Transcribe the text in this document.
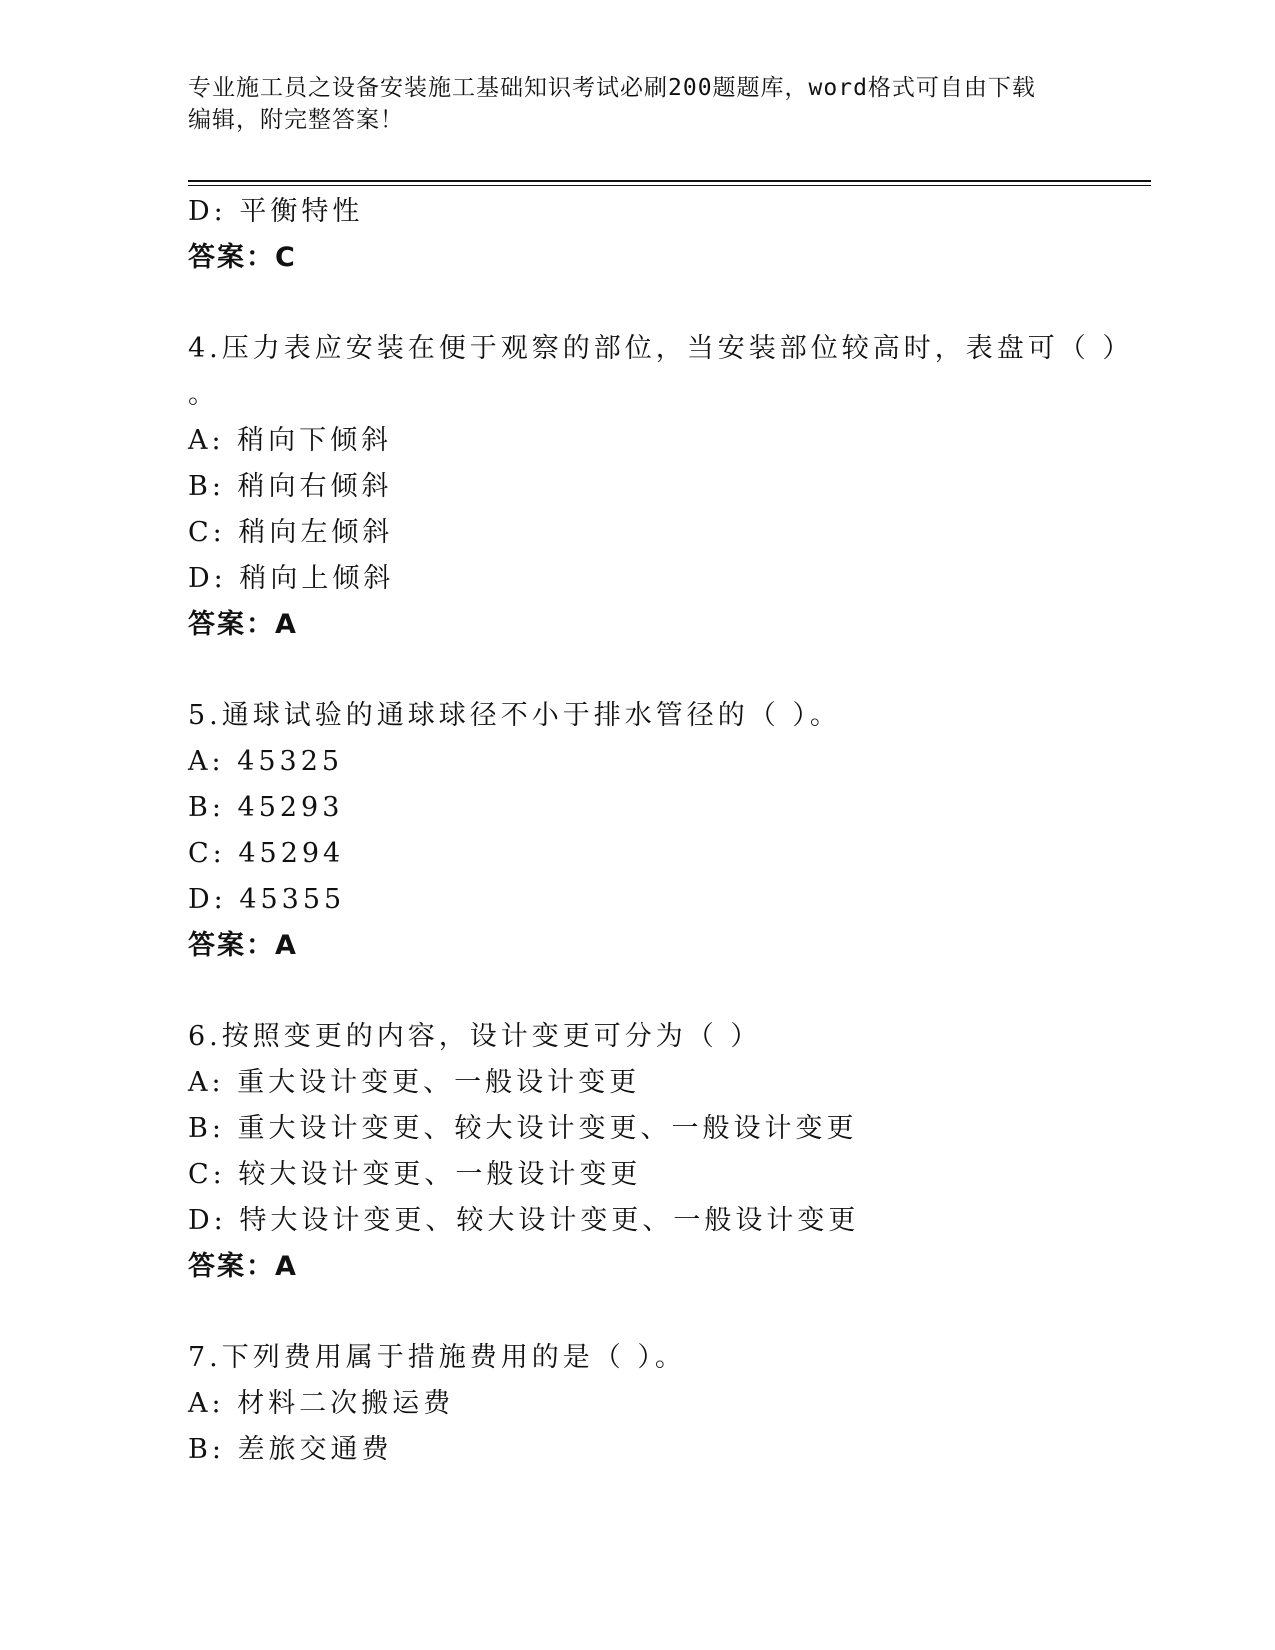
专业施工员之设备安装施工基础知识考试必刷200题题库，word格式可自由下载
编辑，附完整答案！
D: 平衡特性
答案：C
4.压力表应安装在便于观察的部位，当安装部位较高时，表盘可（ ）
。
A: 稍向下倾斜
B: 稍向右倾斜
C: 稍向左倾斜
D: 稍向上倾斜
答案：A
5.通球试验的通球球径不小于排水管径的（ ）。
A: 45325
B: 45293
C: 45294
D: 45355
答案：A
6.按照变更的内容，设计变更可分为（ ）
A: 重大设计变更、一般设计变更
B: 重大设计变更、较大设计变更、一般设计变更
C: 较大设计变更、一般设计变更
D: 特大设计变更、较大设计变更、一般设计变更
答案：A
7.下列费用属于措施费用的是（ ）。
A: 材料二次搬运费
B: 差旅交通费
